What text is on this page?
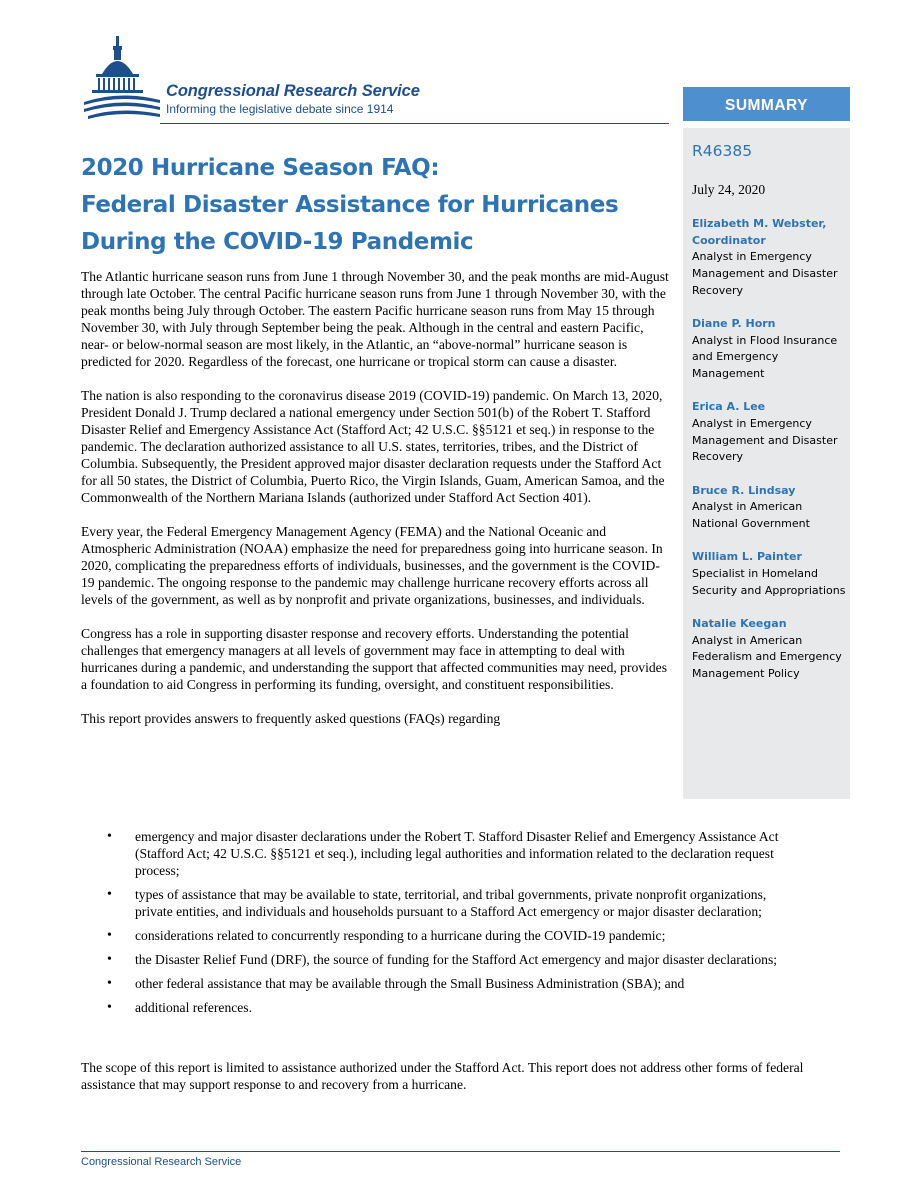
Congressional Research Service
Informing the legislative debate since 1914	SUMMARY
R46385
July 24, 2020
Elizabeth M. Webster,
Coordinator
Analyst in Emergency Management and Disaster Recovery
Diane P. Horn
Analyst in Flood Insurance and Emergency Management
Erica A. Lee
Analyst in Emergency Management and Disaster Recovery
Bruce R. Lindsay
Analyst in American National Government
William L. Painter
Specialist in Homeland Security and Appropriations
Natalie Keegan
Analyst in American Federalism and Emergency Management Policy
2020 Hurricane Season FAQ:
Federal Disaster Assistance for Hurricanes
During the COVID-19 Pandemic

The Atlantic hurricane season runs from June 1 through November 30, and the peak months are mid-August through late October. The central Pacific hurricane season runs from June 1 through November 30, with the peak months being July through October. The eastern Pacific hurricane season runs from May 15 through November 30, with July through September being the peak. Although in the central and eastern Pacific, near- or below-normal season are most likely, in the Atlantic, an “above-normal” hurricane season is predicted for 2020. Regardless of the forecast, one hurricane or tropical storm can cause a disaster.

The nation is also responding to the coronavirus disease 2019 (COVID-19) pandemic. On March 13, 2020, President Donald J. Trump declared a national emergency under Section 501(b) of the Robert T. Stafford Disaster Relief and Emergency Assistance Act (Stafford Act; 42 U.S.C. §§5121 et seq.) in response to the pandemic. The declaration authorized assistance to all U.S. states, territories, tribes, and the District of Columbia. Subsequently, the President approved major disaster declaration requests under the Stafford Act for all 50 states, the District of Columbia, Puerto Rico, the Virgin Islands, Guam, American Samoa, and the Commonwealth of the Northern Mariana Islands (authorized under Stafford Act Section 401).

Every year, the Federal Emergency Management Agency (FEMA) and the National Oceanic and Atmospheric Administration (NOAA) emphasize the need for preparedness going into hurricane season. In 2020, complicating the preparedness efforts of individuals, businesses, and the government is the COVID-19 pandemic. The ongoing response to the pandemic may challenge hurricane recovery efforts across all levels of the government, as well as by nonprofit and private organizations, businesses, and individuals.

Congress has a role in supporting disaster response and recovery efforts. Understanding the potential challenges that emergency managers at all levels of government may face in attempting to deal with hurricanes during a pandemic, and understanding the support that affected communities may need, provides a foundation to aid Congress in performing its funding, oversight, and constituent responsibilities.

This report provides answers to frequently asked questions (FAQs) regarding

• emergency and major disaster declarations under the Robert T. Stafford Disaster Relief and Emergency Assistance Act (Stafford Act; 42 U.S.C. §§5121 et seq.), including legal authorities and information related to the declaration request process;
• types of assistance that may be available to state, territorial, and tribal governments, private nonprofit organizations, private entities, and individuals and households pursuant to a Stafford Act emergency or major disaster declaration;
• considerations related to concurrently responding to a hurricane during the COVID-19 pandemic;
• the Disaster Relief Fund (DRF), the source of funding for the Stafford Act emergency and major disaster declarations;
• other federal assistance that may be available through the Small Business Administration (SBA); and
• additional references.

The scope of this report is limited to assistance authorized under the Stafford Act. This report does not address other forms of federal assistance that may support response to and recovery from a hurricane.

Congressional Research Service
